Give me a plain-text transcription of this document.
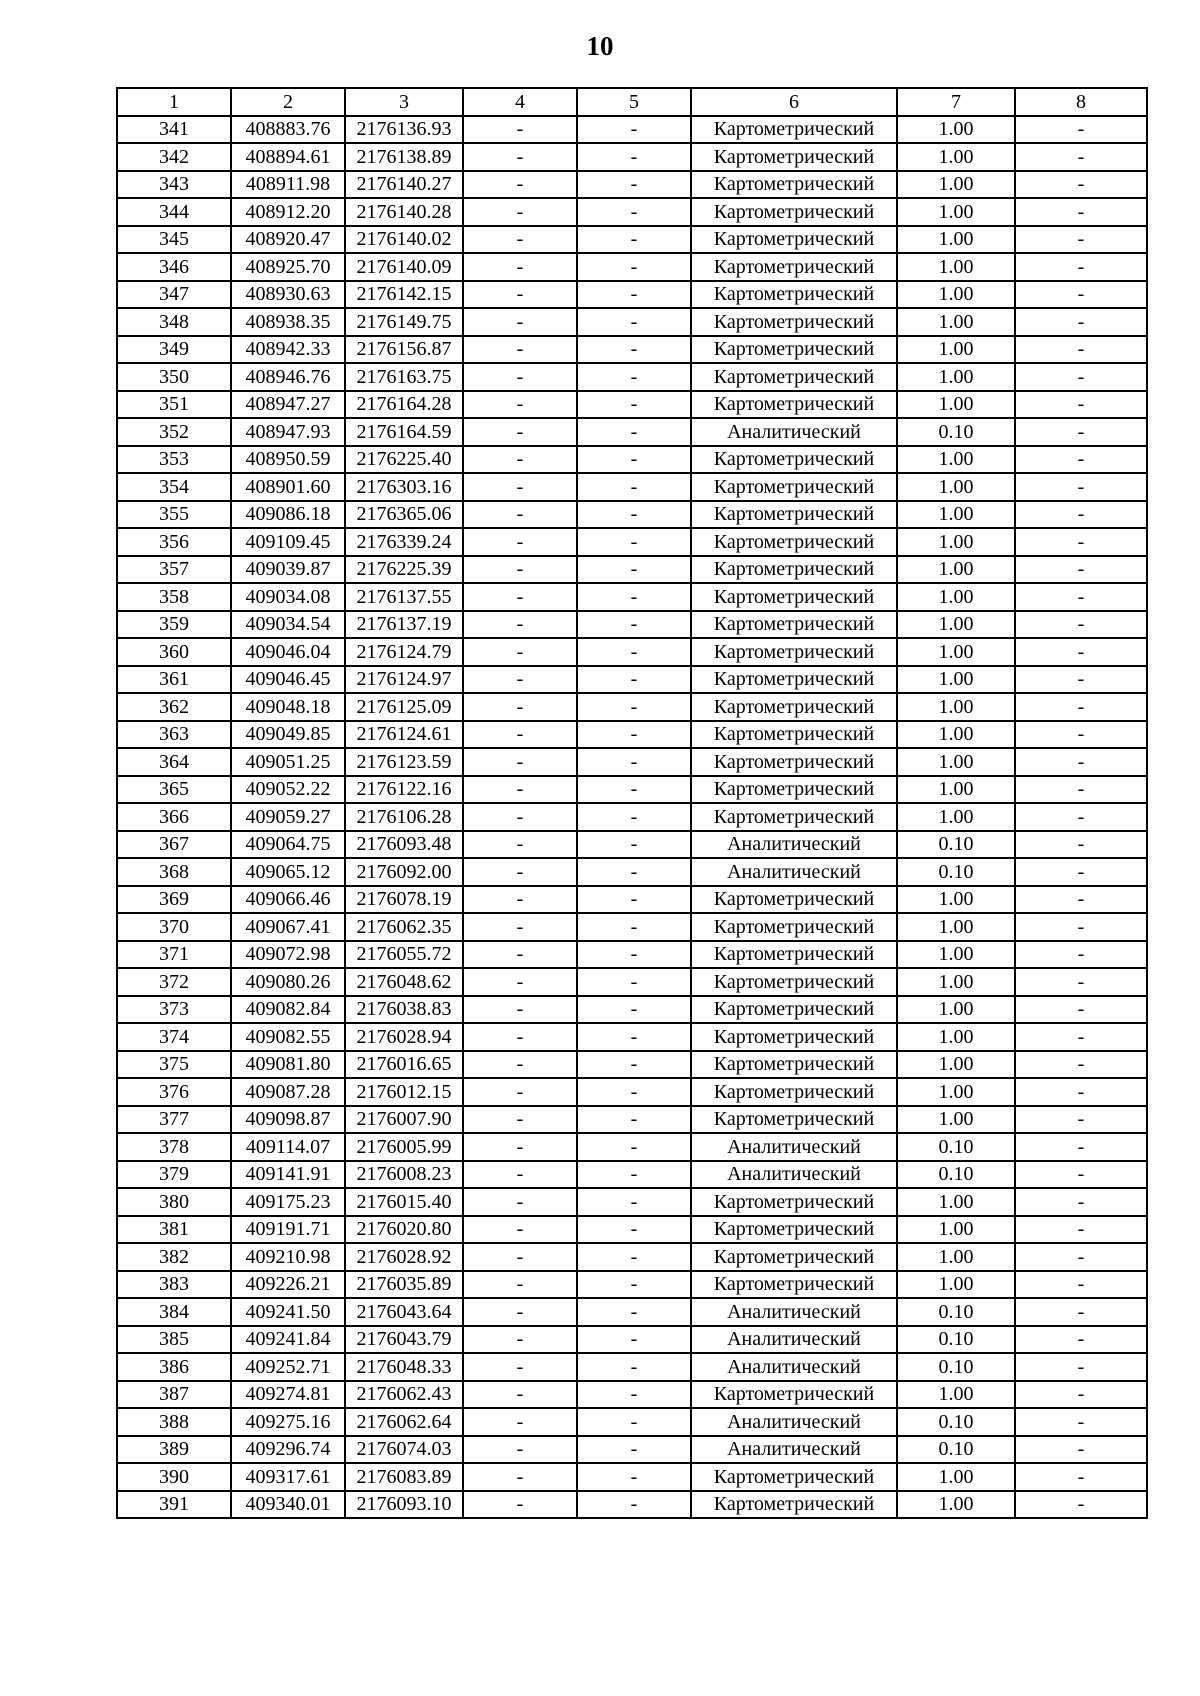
10
1	2	3	4	5	6	7	8
341	408883.76	2176136.93	-	-	Картометрический	1.00	-
342	408894.61	2176138.89	-	-	Картометрический	1.00	-
343	408911.98	2176140.27	-	-	Картометрический	1.00	-
344	408912.20	2176140.28	-	-	Картометрический	1.00	-
345	408920.47	2176140.02	-	-	Картометрический	1.00	-
346	408925.70	2176140.09	-	-	Картометрический	1.00	-
347	408930.63	2176142.15	-	-	Картометрический	1.00	-
348	408938.35	2176149.75	-	-	Картометрический	1.00	-
349	408942.33	2176156.87	-	-	Картометрический	1.00	-
350	408946.76	2176163.75	-	-	Картометрический	1.00	-
351	408947.27	2176164.28	-	-	Картометрический	1.00	-
352	408947.93	2176164.59	-	-	Аналитический	0.10	-
353	408950.59	2176225.40	-	-	Картометрический	1.00	-
354	408901.60	2176303.16	-	-	Картометрический	1.00	-
355	409086.18	2176365.06	-	-	Картометрический	1.00	-
356	409109.45	2176339.24	-	-	Картометрический	1.00	-
357	409039.87	2176225.39	-	-	Картометрический	1.00	-
358	409034.08	2176137.55	-	-	Картометрический	1.00	-
359	409034.54	2176137.19	-	-	Картометрический	1.00	-
360	409046.04	2176124.79	-	-	Картометрический	1.00	-
361	409046.45	2176124.97	-	-	Картометрический	1.00	-
362	409048.18	2176125.09	-	-	Картометрический	1.00	-
363	409049.85	2176124.61	-	-	Картометрический	1.00	-
364	409051.25	2176123.59	-	-	Картометрический	1.00	-
365	409052.22	2176122.16	-	-	Картометрический	1.00	-
366	409059.27	2176106.28	-	-	Картометрический	1.00	-
367	409064.75	2176093.48	-	-	Аналитический	0.10	-
368	409065.12	2176092.00	-	-	Аналитический	0.10	-
369	409066.46	2176078.19	-	-	Картометрический	1.00	-
370	409067.41	2176062.35	-	-	Картометрический	1.00	-
371	409072.98	2176055.72	-	-	Картометрический	1.00	-
372	409080.26	2176048.62	-	-	Картометрический	1.00	-
373	409082.84	2176038.83	-	-	Картометрический	1.00	-
374	409082.55	2176028.94	-	-	Картометрический	1.00	-
375	409081.80	2176016.65	-	-	Картометрический	1.00	-
376	409087.28	2176012.15	-	-	Картометрический	1.00	-
377	409098.87	2176007.90	-	-	Картометрический	1.00	-
378	409114.07	2176005.99	-	-	Аналитический	0.10	-
379	409141.91	2176008.23	-	-	Аналитический	0.10	-
380	409175.23	2176015.40	-	-	Картометрический	1.00	-
381	409191.71	2176020.80	-	-	Картометрический	1.00	-
382	409210.98	2176028.92	-	-	Картометрический	1.00	-
383	409226.21	2176035.89	-	-	Картометрический	1.00	-
384	409241.50	2176043.64	-	-	Аналитический	0.10	-
385	409241.84	2176043.79	-	-	Аналитический	0.10	-
386	409252.71	2176048.33	-	-	Аналитический	0.10	-
387	409274.81	2176062.43	-	-	Картометрический	1.00	-
388	409275.16	2176062.64	-	-	Аналитический	0.10	-
389	409296.74	2176074.03	-	-	Аналитический	0.10	-
390	409317.61	2176083.89	-	-	Картометрический	1.00	-
391	409340.01	2176093.10	-	-	Картометрический	1.00	-
